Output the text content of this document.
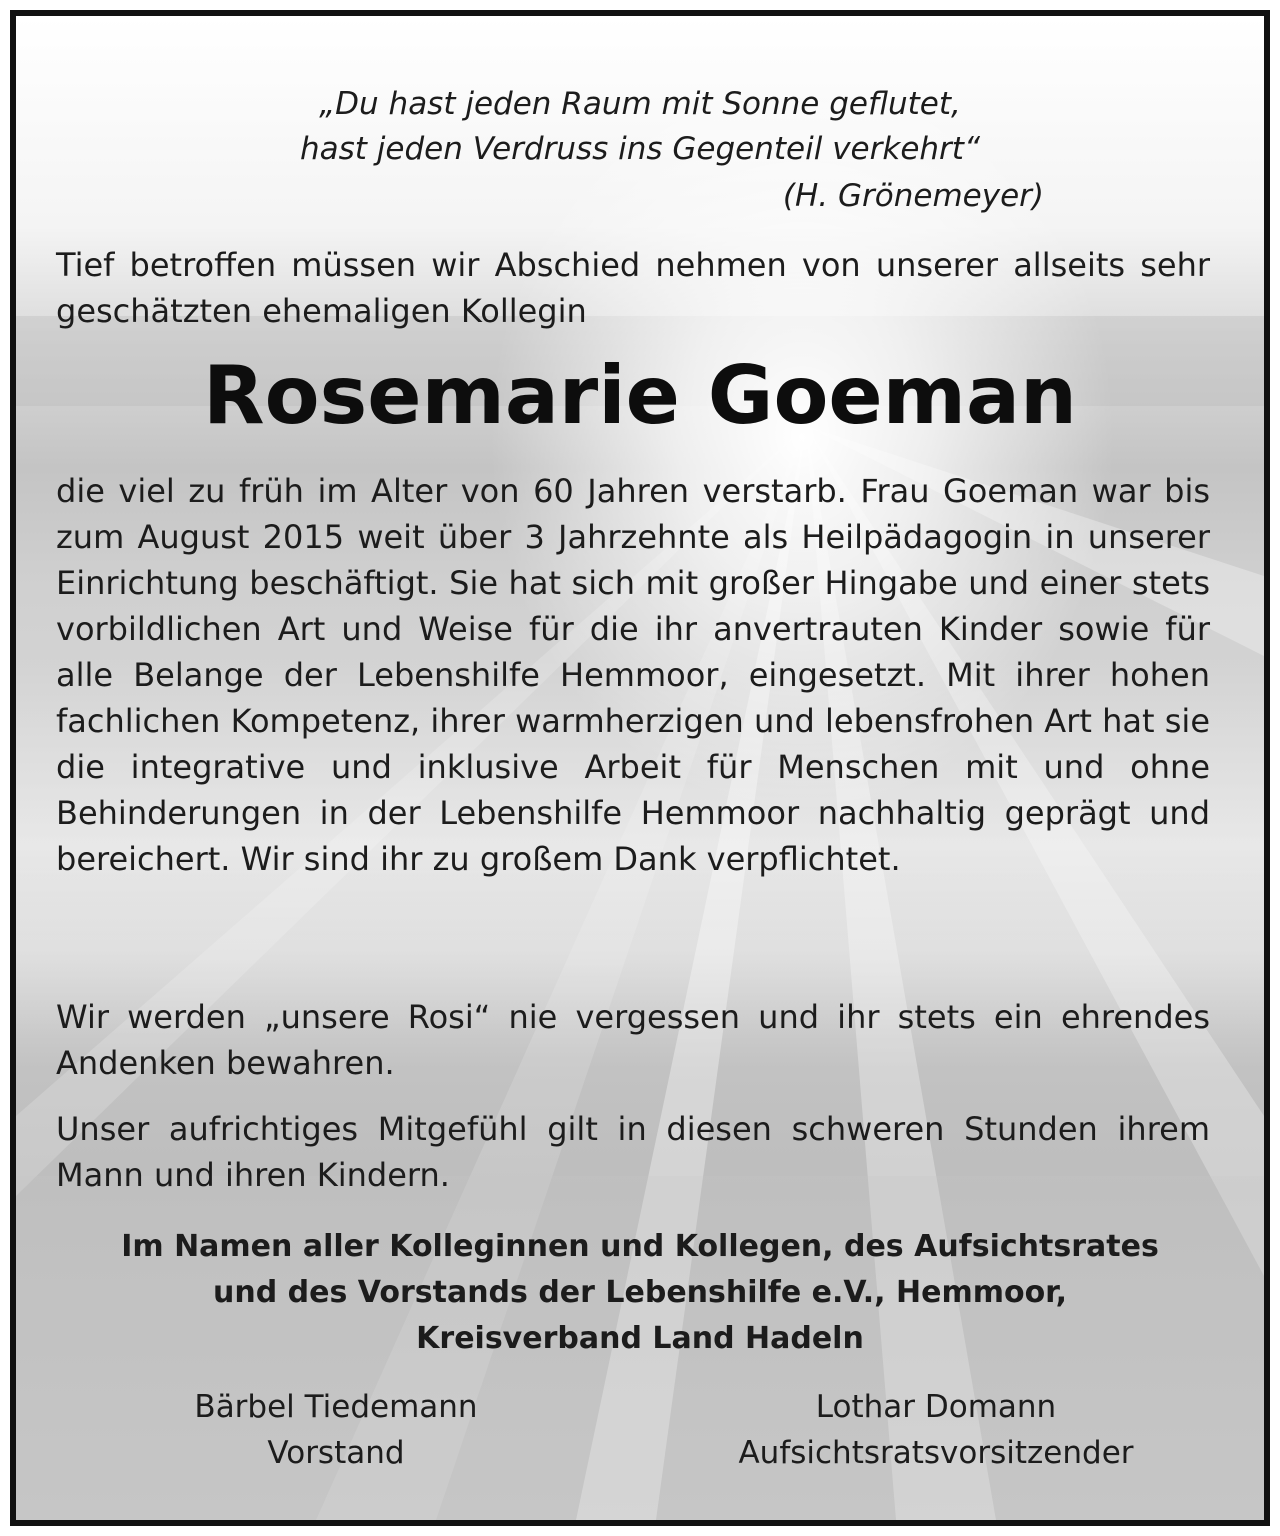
„Du hast jeden Raum mit Sonne geflutet,
hast jeden Verdruss ins Gegenteil verkehrt“
(H. Grönemeyer)

Tief betroffen müssen wir Abschied nehmen von unserer allseits sehr geschätzten ehemaligen Kollegin

Rosemarie Goeman

die viel zu früh im Alter von 60 Jahren verstarb. Frau Goeman war bis zum August 2015 weit über 3 Jahrzehnte als Heilpädagogin in unserer Einrichtung beschäftigt. Sie hat sich mit großer Hingabe und einer stets vorbildlichen Art und Weise für die ihr anvertrauten Kinder sowie für alle Belange der Lebenshilfe Hemmoor, eingesetzt. Mit ihrer hohen fachlichen Kompetenz, ihrer warmherzigen und lebensfrohen Art hat sie die integrative und inklusive Arbeit für Menschen mit und ohne Behinderungen in der Lebenshilfe Hemmoor nachhaltig geprägt und bereichert. Wir sind ihr zu großem Dank verpflichtet.

Wir werden „unsere Rosi“ nie vergessen und ihr stets ein ehrendes Andenken bewahren.

Unser aufrichtiges Mitgefühl gilt in diesen schweren Stunden ihrem Mann und ihren Kindern.

Im Namen aller Kolleginnen und Kollegen, des Aufsichtsrates
und des Vorstands der Lebenshilfe e.V., Hemmoor,
Kreisverband Land Hadeln
Bärbel Tiedemann
Vorstand
Lothar Domann
Aufsichtsratsvorsitzender
